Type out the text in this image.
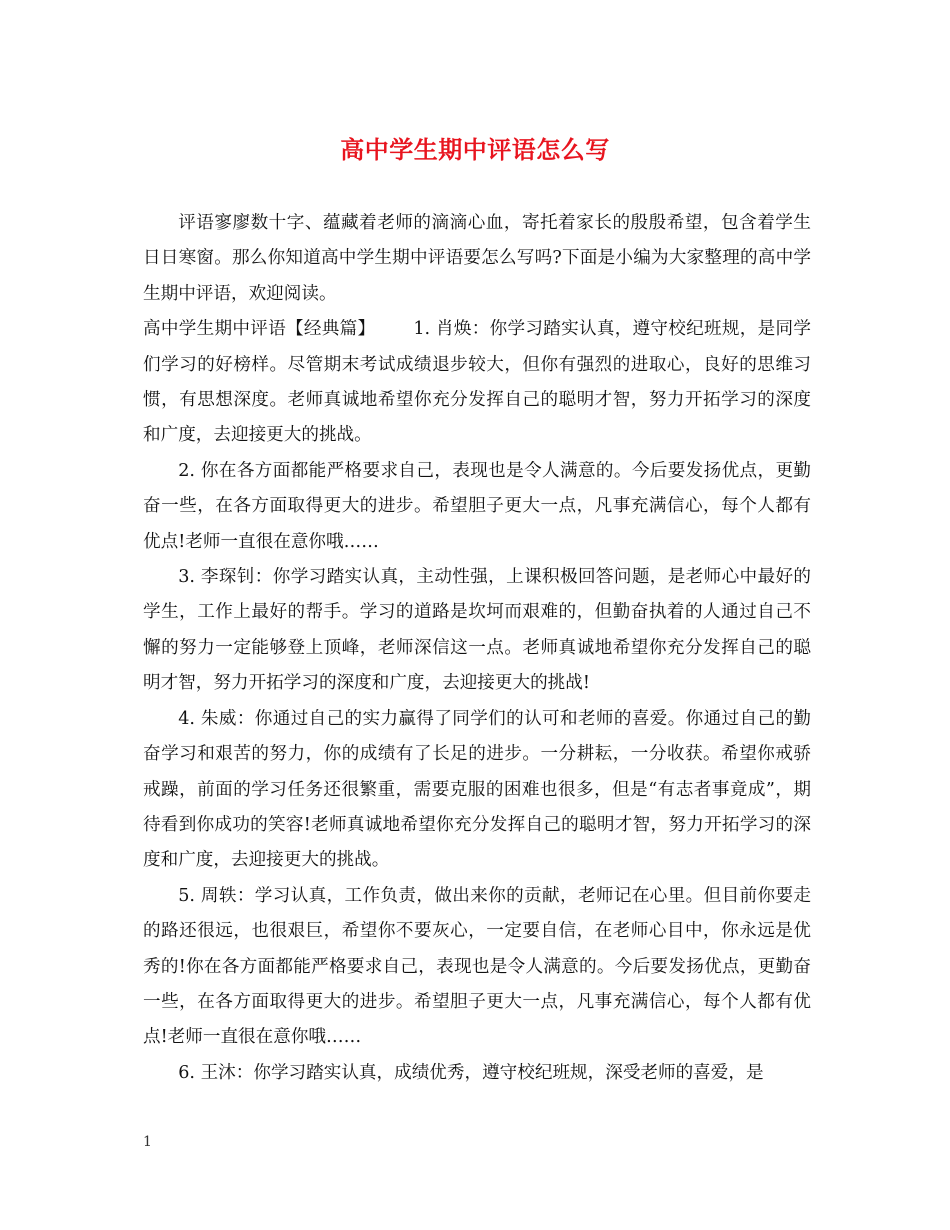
高中学生期中评语怎么写

评语寥廖数十字、蕴藏着老师的滴滴心血，寄托着家长的殷殷希望，包含着学生日日寒窗。那么你知道高中学生期中评语要怎么写吗?下面是小编为大家整理的高中学生期中评语，欢迎阅读。

高中学生期中评语【经典篇】 1. 肖焕：你学习踏实认真，遵守校纪班规，是同学们学习的好榜样。尽管期末考试成绩退步较大，但你有强烈的进取心，良好的思维习惯，有思想深度。老师真诚地希望你充分发挥自己的聪明才智，努力开拓学习的深度和广度，去迎接更大的挑战。

2. 你在各方面都能严格要求自己，表现也是令人满意的。今后要发扬优点，更勤奋一些，在各方面取得更大的进步。希望胆子更大一点，凡事充满信心，每个人都有优点!老师一直很在意你哦……

3. 李琛钊：你学习踏实认真，主动性强，上课积极回答问题，是老师心中最好的学生，工作上最好的帮手。学习的道路是坎坷而艰难的，但勤奋执着的人通过自己不懈的努力一定能够登上顶峰，老师深信这一点。老师真诚地希望你充分发挥自己的聪明才智，努力开拓学习的深度和广度，去迎接更大的挑战!

4. 朱威：你通过自己的实力赢得了同学们的认可和老师的喜爱。你通过自己的勤奋学习和艰苦的努力，你的成绩有了长足的进步。一分耕耘，一分收获。希望你戒骄戒躁，前面的学习任务还很繁重，需要克服的困难也很多，但是“有志者事竟成”，期待看到你成功的笑容!老师真诚地希望你充分发挥自己的聪明才智，努力开拓学习的深度和广度，去迎接更大的挑战。

5. 周轶：学习认真，工作负责，做出来你的贡献，老师记在心里。但目前你要走的路还很远，也很艰巨，希望你不要灰心，一定要自信，在老师心目中，你永远是优秀的!你在各方面都能严格要求自己，表现也是令人满意的。今后要发扬优点，更勤奋一些，在各方面取得更大的进步。希望胆子更大一点，凡事充满信心，每个人都有优点!老师一直很在意你哦……

6. 王沐：你学习踏实认真，成绩优秀，遵守校纪班规，深受老师的喜爱，是

1
